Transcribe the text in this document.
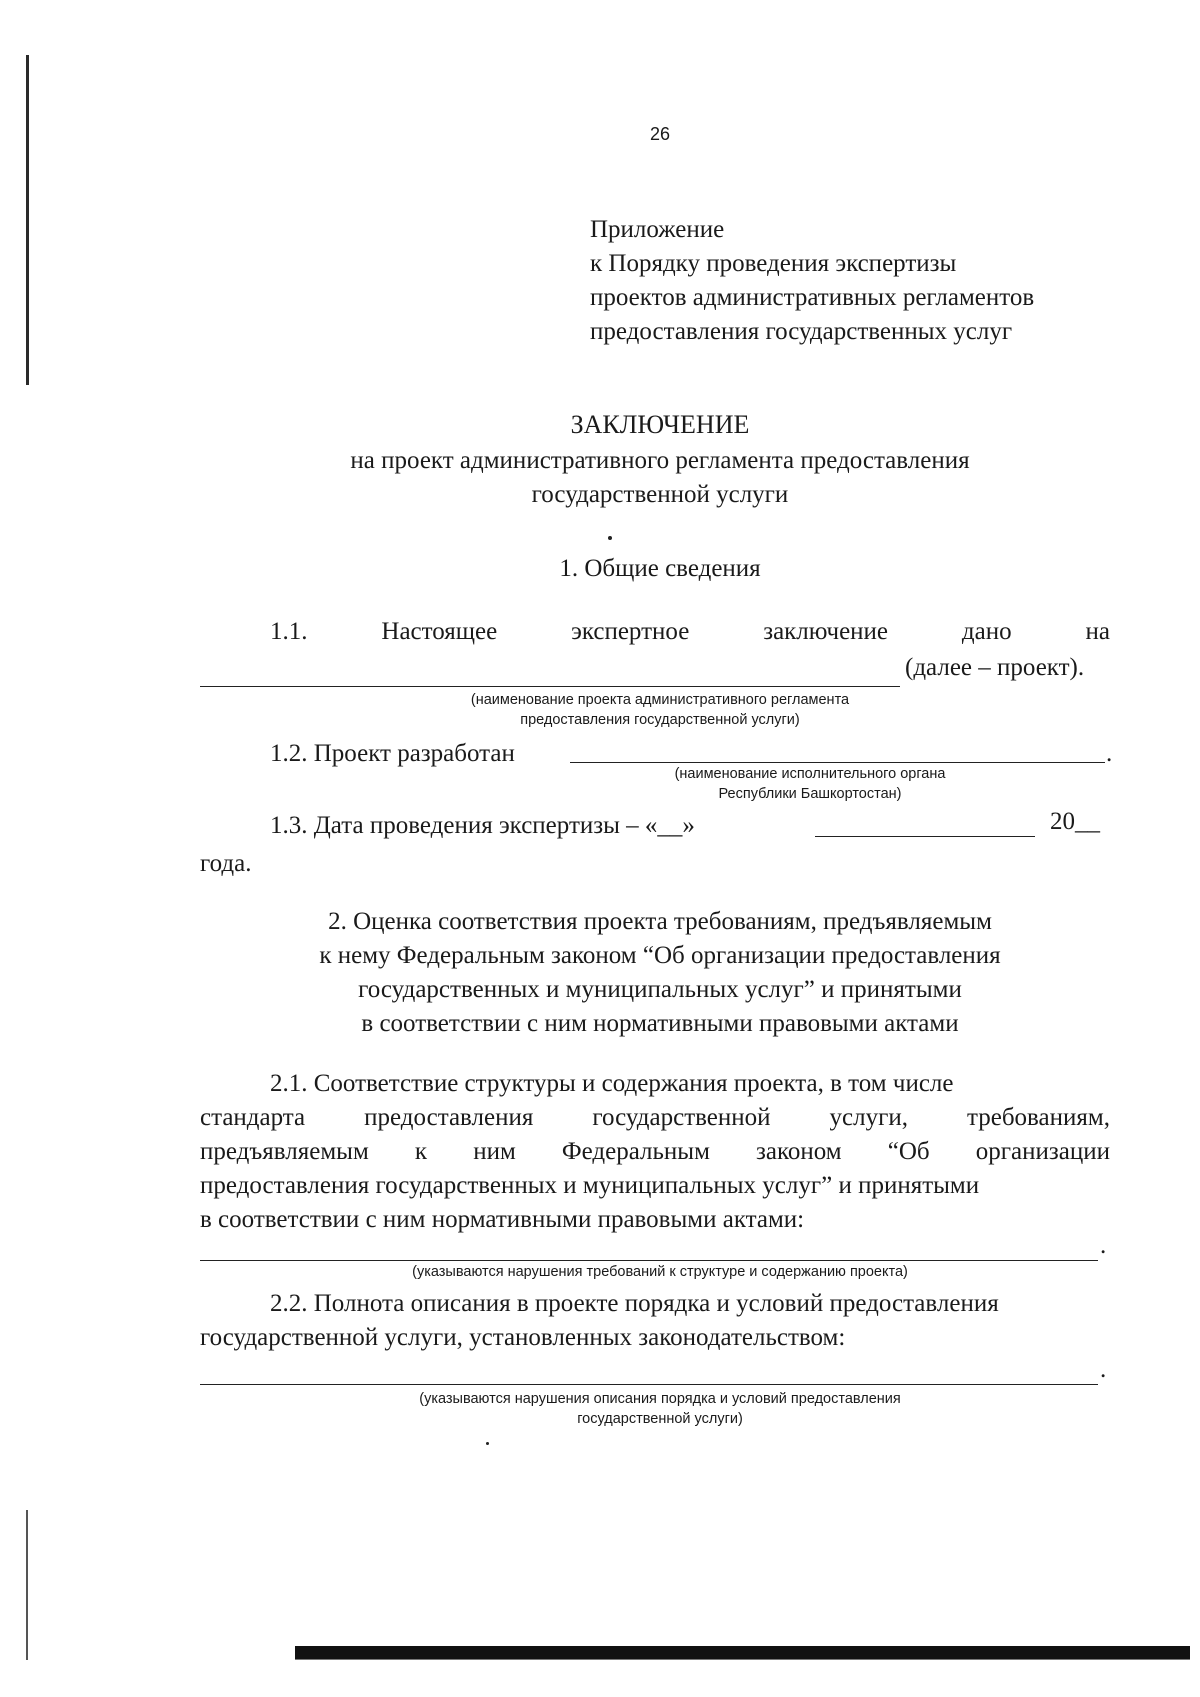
26
Приложение
к Порядку проведения экспертизы
проектов административных регламентов
предоставления государственных услуг
ЗАКЛЮЧЕНИЕ
на проект административного регламента предоставления
государственной услуги
1. Общие сведения
1.1.	Настоящее	экспертное	заключение	дано	на
(далее – проект).
(наименование проекта административного регламента
предоставления государственной услуги)
1.2. Проект разработан	.
(наименование исполнительного органа
Республики Башкортостан)
1.3. Дата проведения экспертизы – «__»	20__
года.
2. Оценка соответствия проекта требованиям, предъявляемым
к нему Федеральным законом “Об организации предоставления
государственных и муниципальных услуг” и принятыми
в соответствии с ним нормативными правовыми актами
2.1. Соответствие структуры и содержания проекта, в том числе
стандарта предоставления государственной услуги, требованиям,
предъявляемым к ним Федеральным законом “Об организации
предоставления государственных и муниципальных услуг” и принятыми
в соответствии с ним нормативными правовыми актами:
.
(указываются нарушения требований к структуре и содержанию проекта)
2.2. Полнота описания в проекте порядка и условий предоставления
государственной услуги, установленных законодательством:
.
(указываются нарушения описания порядка и условий предоставления
государственной услуги)
